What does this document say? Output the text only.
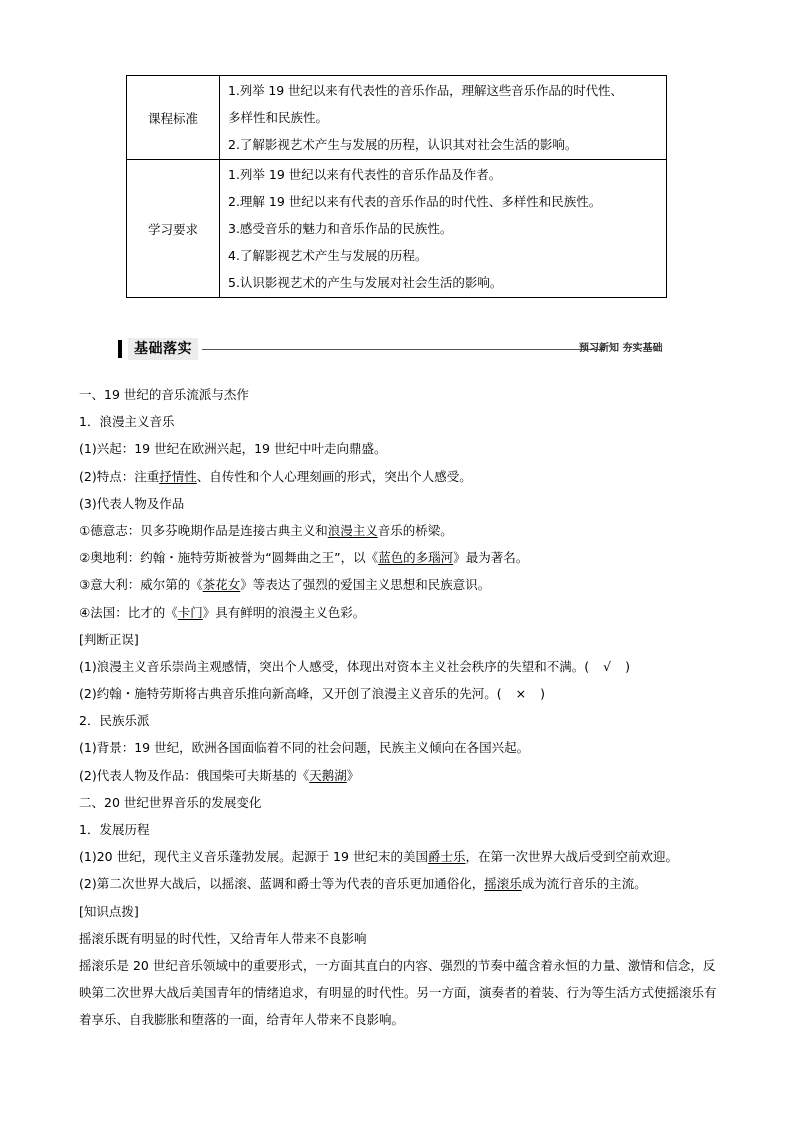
课程标准	1.列举 19 世纪以来有代表性的音乐作品，理解这些音乐作品的时代性、
多样性和民族性。
2.了解影视艺术产生与发展的历程，认识其对社会生活的影响。

学习要求	1.列举 19 世纪以来有代表性的音乐作品及作者。
2.理解 19 世纪以来有代表的音乐作品的时代性、多样性和民族性。
3.感受音乐的魅力和音乐作品的民族性。
4.了解影视艺术产生与发展的历程。
5.认识影视艺术的产生与发展对社会生活的影响。
基础落实	预习新知 夯实基础
一、19 世纪的音乐流派与杰作
1．浪漫主义音乐
(1)兴起：19 世纪在欧洲兴起，19 世纪中叶走向鼎盛。
(2)特点：注重抒情性、自传性和个人心理刻画的形式，突出个人感受。
(3)代表人物及作品
①德意志：贝多芬晚期作品是连接古典主义和浪漫主义音乐的桥梁。
②奥地利：约翰・施特劳斯被誉为“圆舞曲之王”，以《蓝色的多瑙河》最为著名。
③意大利：威尔第的《茶花女》等表达了强烈的爱国主义思想和民族意识。
④法国：比才的《卡门》具有鲜明的浪漫主义色彩。
[判断正误]
(1)浪漫主义音乐崇尚主观感情，突出个人感受，体现出对资本主义社会秩序的失望和不满。( √ )
(2)约翰・施特劳斯将古典音乐推向新高峰，又开创了浪漫主义音乐的先河。( × )
2．民族乐派
(1)背景：19 世纪，欧洲各国面临着不同的社会问题，民族主义倾向在各国兴起。
(2)代表人物及作品：俄国柴可夫斯基的《天鹅湖》
二、20 世纪世界音乐的发展变化
1．发展历程
(1)20 世纪，现代主义音乐蓬勃发展。起源于 19 世纪末的美国爵士乐，在第一次世界大战后受到空前欢迎。
(2)第二次世界大战后，以摇滚、蓝调和爵士等为代表的音乐更加通俗化，摇滚乐成为流行音乐的主流。
[知识点拨]
摇滚乐既有明显的时代性，又给青年人带来不良影响
摇滚乐是 20 世纪音乐领域中的重要形式，一方面其直白的内容、强烈的节奏中蕴含着永恒的力量、激情和信念，反映第二次世界大战后美国青年的情绪追求，有明显的时代性。另一方面，演奏者的着装、行为等生活方式使摇滚乐有着享乐、自我膨胀和堕落的一面，给青年人带来不良影响。
